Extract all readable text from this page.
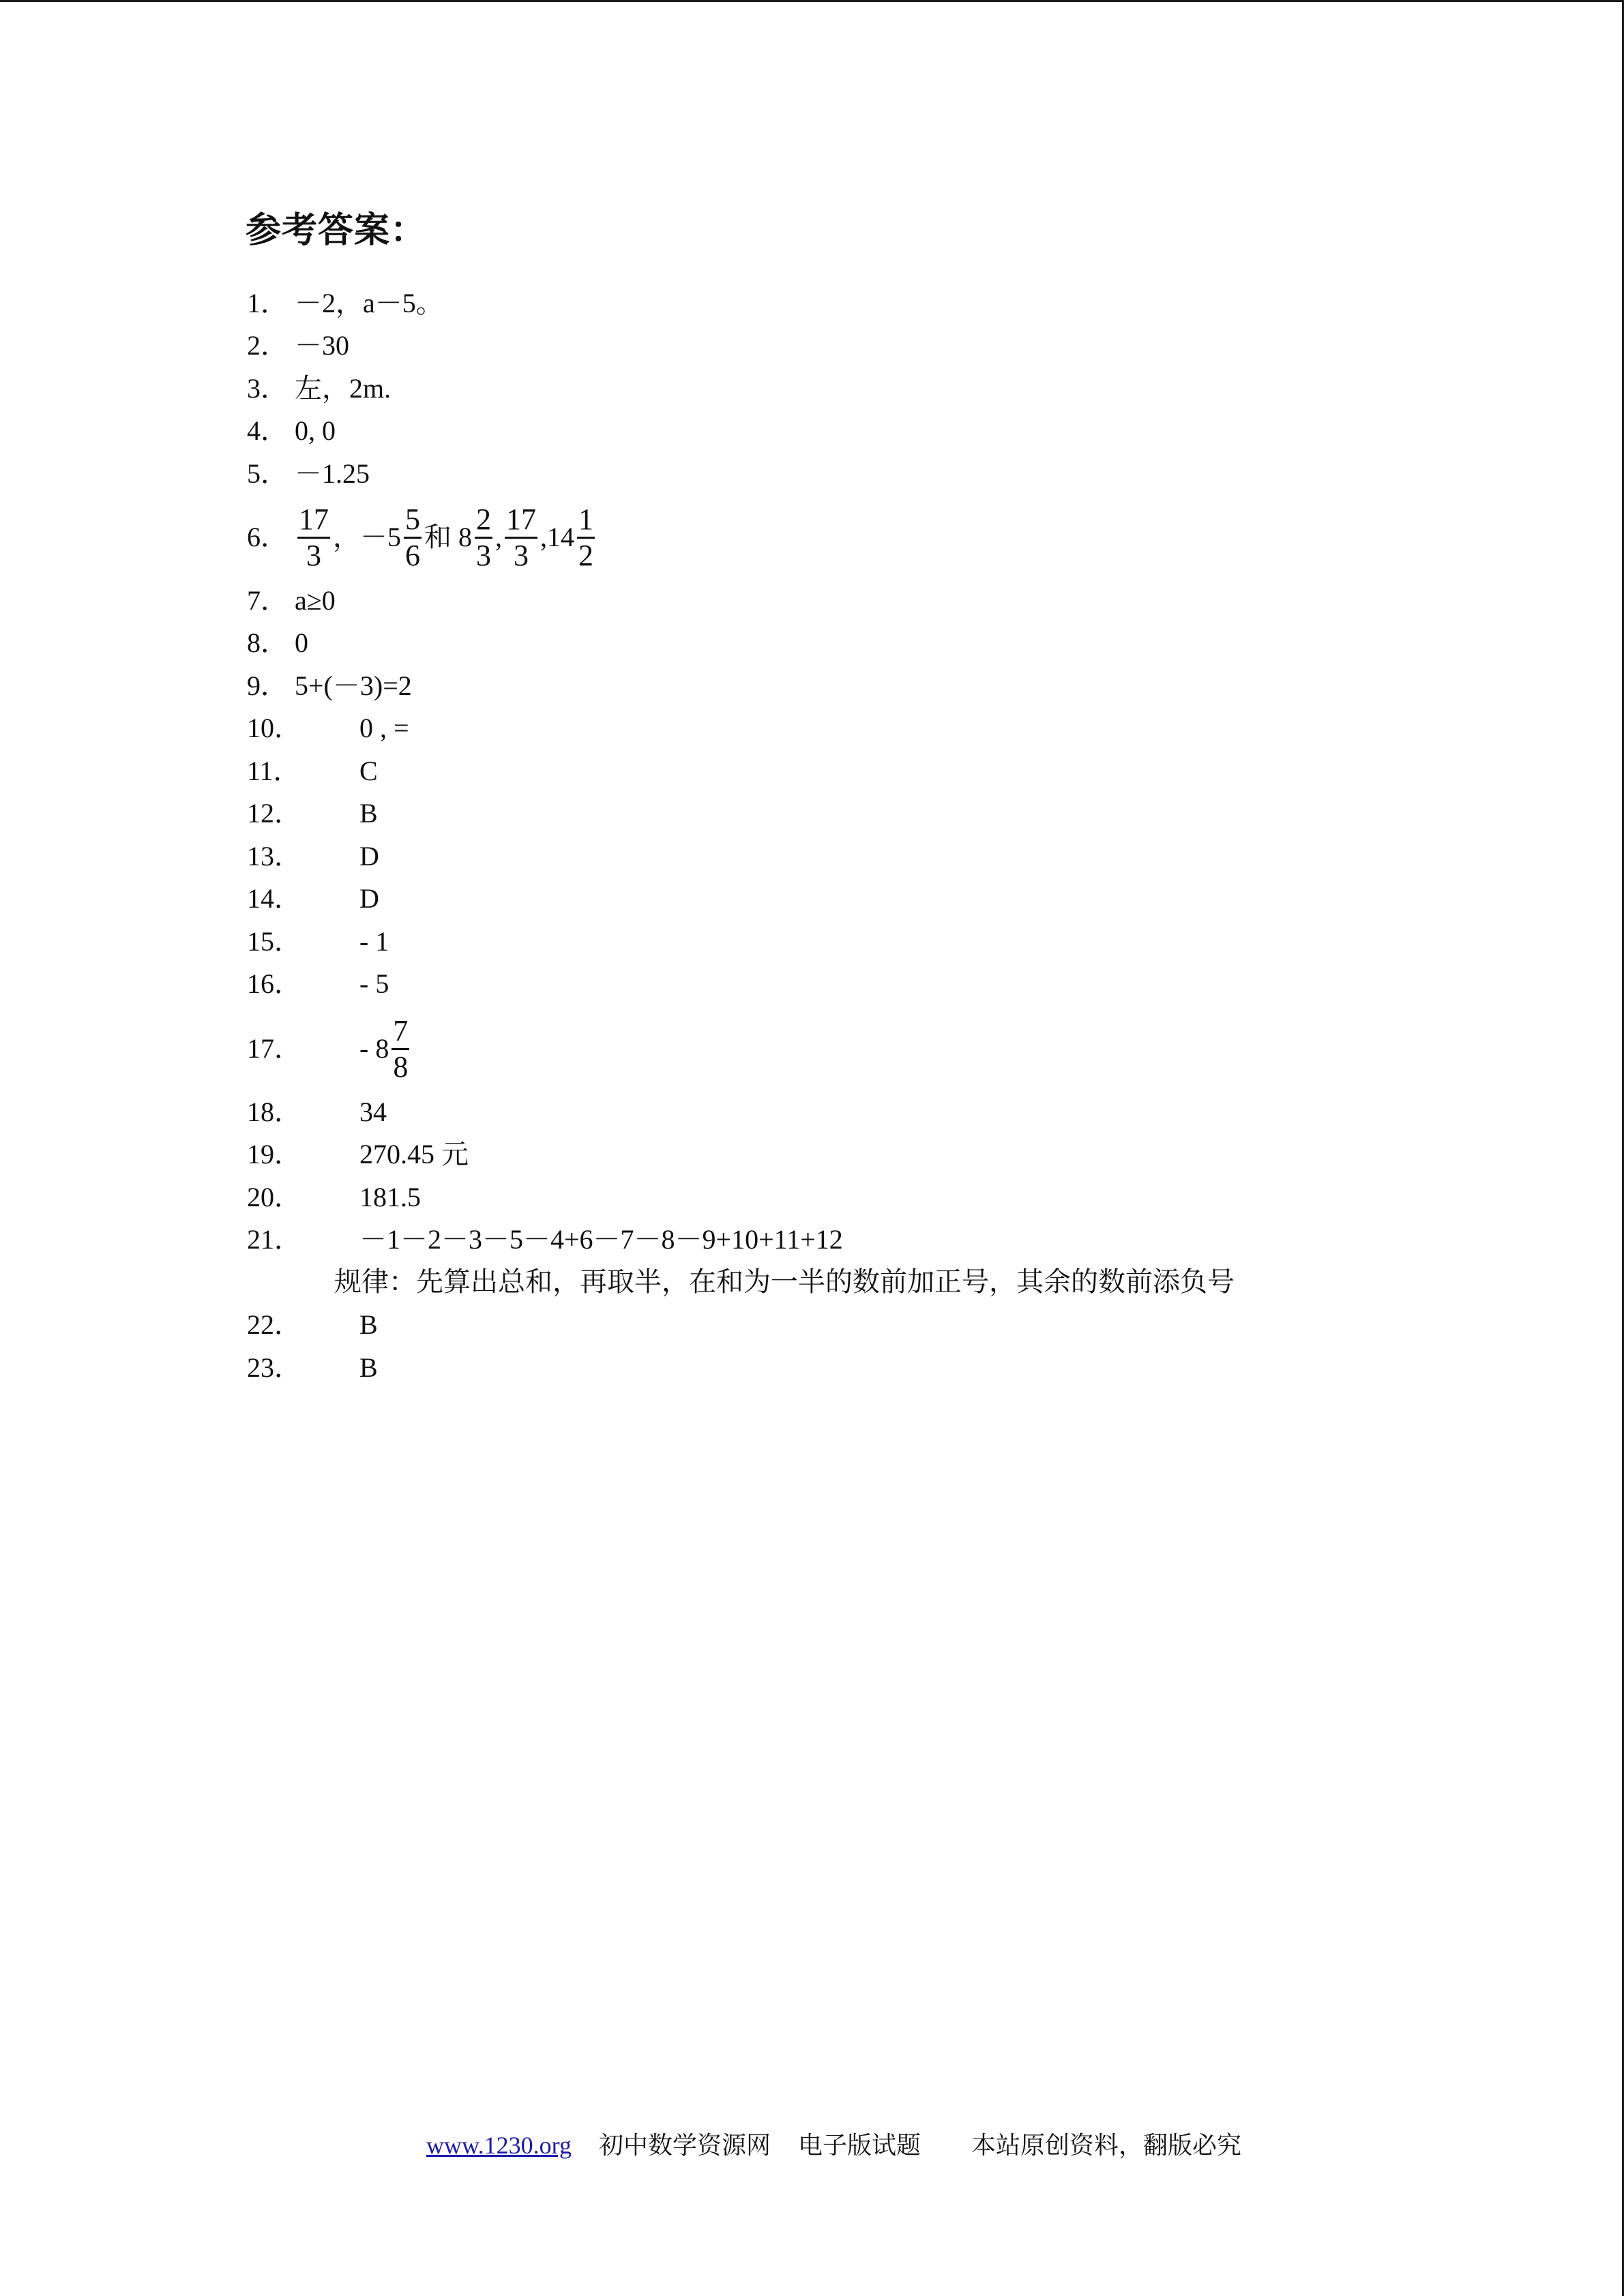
参考答案：
1． －2，a－5。
2． －30
3． 左，2m.
4． 0, 0
5． －1.25
6． $\frac{17}{3}$ ，$-5 \frac{5}{6}$ 和 $8 \frac{2}{3}$ , $\frac{17}{3} ,14 \frac{1}{2}$
7． a≥0
8． 0
9． 5+(－3)=2
10． 0 , =
11． C
12． B
13． D
14． D
15． - 1
16． - 5
17． - $8 \frac{7}{8}$
18． 34
19． 270.45 元
20． 181.5
21． －1－2－3－5－4+6－7－8－9+10+11+12
规律：先算出总和，再取半，在和为一半的数前加正号，其余的数前添负号
22． B
23． B
www.1230.org 初中数学资源网 电子版试题 本站原创资料，翻版必究
